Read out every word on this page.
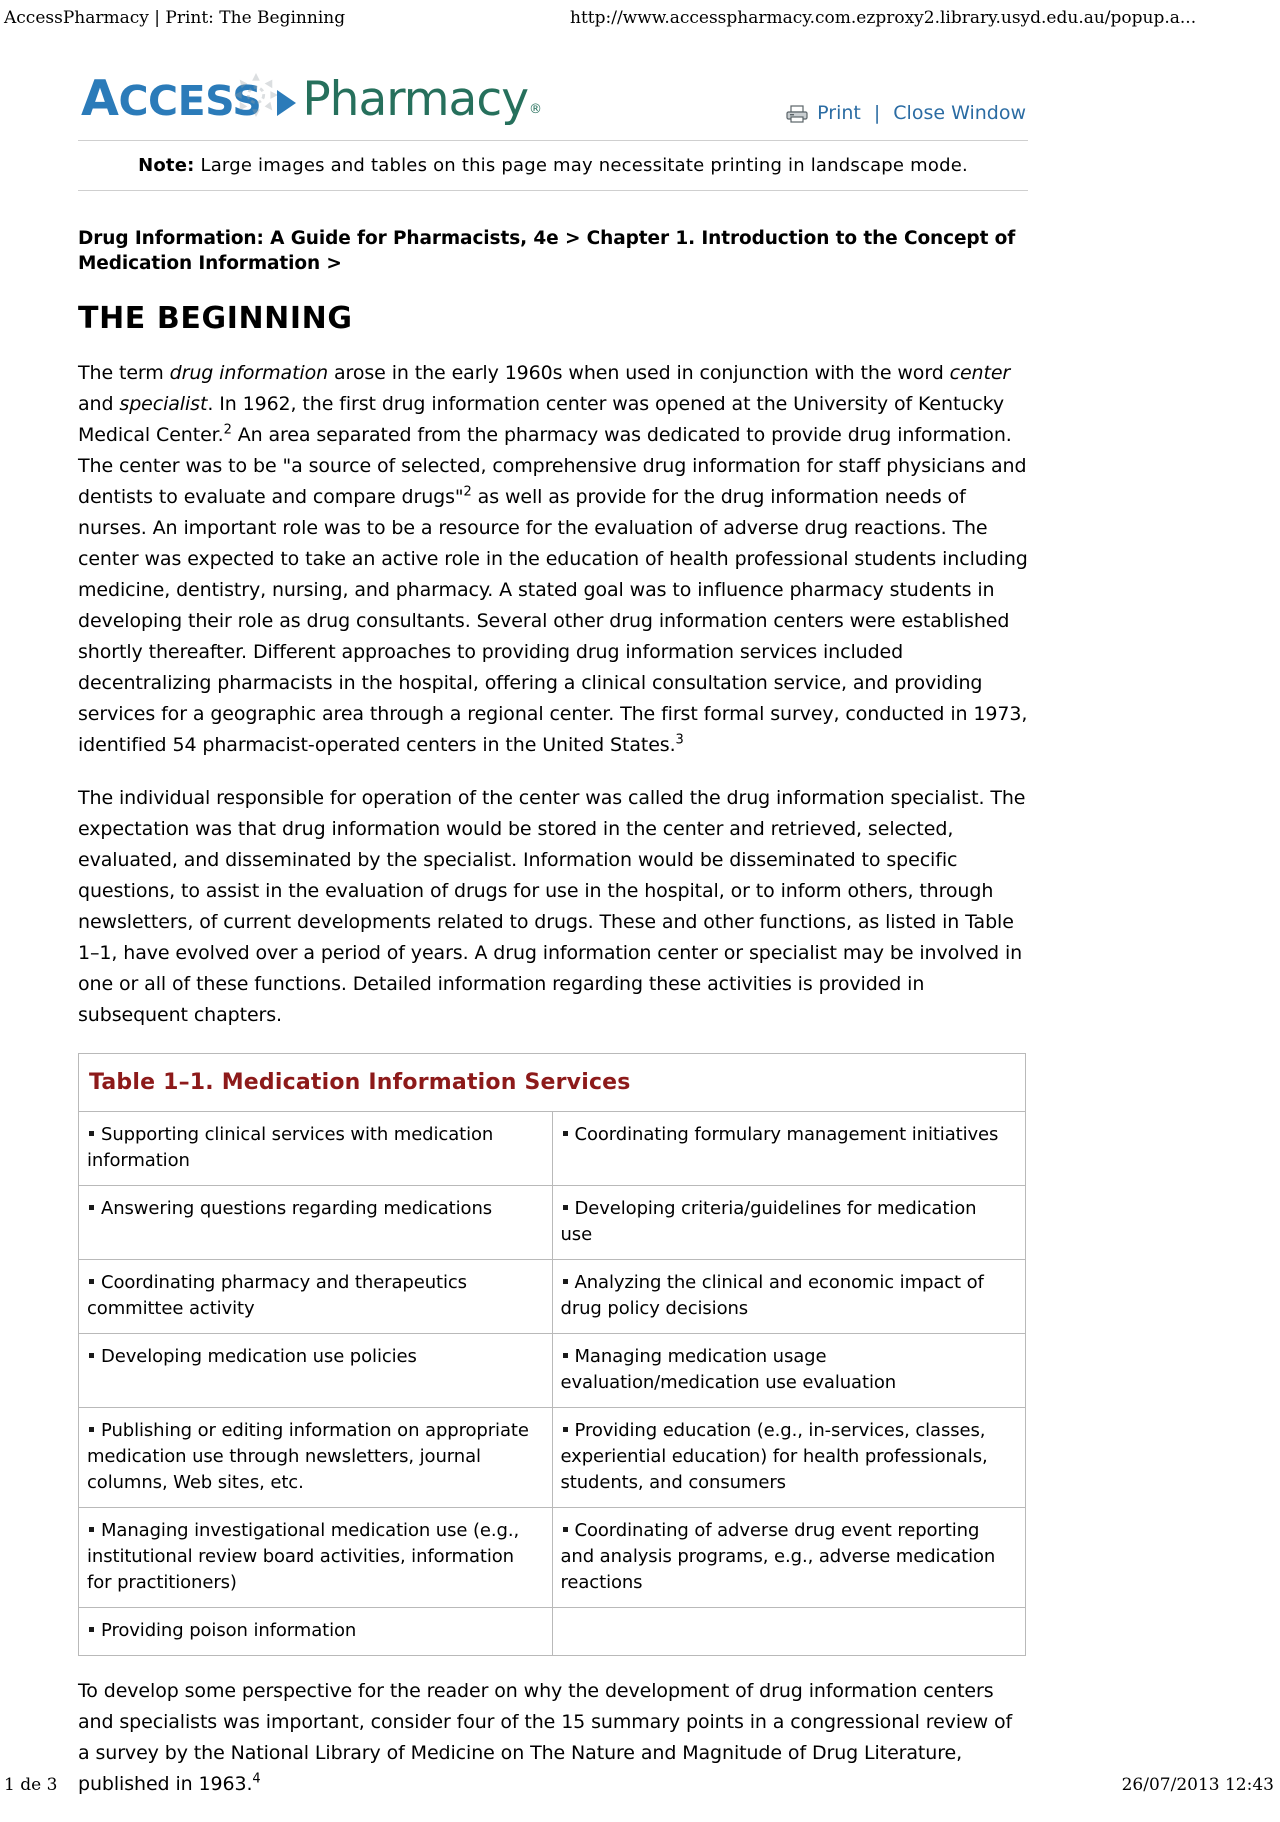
AccessPharmacy | Print: The Beginning	http://www.accesspharmacy.com.ezproxy2.library.usyd.edu.au/popup.a...
ACCESS Pharmacy ®	Print | Close Window
Note: Large images and tables on this page may necessitate printing in landscape mode.
Drug Information: A Guide for Pharmacists, 4e > Chapter 1. Introduction to the Concept of Medication Information >
THE BEGINNING

The term drug information arose in the early 1960s when used in conjunction with the word center and specialist. In 1962, the first drug information center was opened at the University of Kentucky Medical Center.$^2$ An area separated from the pharmacy was dedicated to provide drug information. The center was to be "a source of selected, comprehensive drug information for staff physicians and dentists to evaluate and compare drugs"$^2$ as well as provide for the drug information needs of nurses. An important role was to be a resource for the evaluation of adverse drug reactions. The center was expected to take an active role in the education of health professional students including medicine, dentistry, nursing, and pharmacy. A stated goal was to influence pharmacy students in developing their role as drug consultants. Several other drug information centers were established shortly thereafter. Different approaches to providing drug information services included decentralizing pharmacists in the hospital, offering a clinical consultation service, and providing services for a geographic area through a regional center. The first formal survey, conducted in 1973, identified 54 pharmacist-operated centers in the United States.$^3$

The individual responsible for operation of the center was called the drug information specialist. The expectation was that drug information would be stored in the center and retrieved, selected, evaluated, and disseminated by the specialist. Information would be disseminated to specific questions, to assist in the evaluation of drugs for use in the hospital, or to inform others, through newsletters, of current developments related to drugs. These and other functions, as listed in Table 1–1, have evolved over a period of years. A drug information center or specialist may be involved in one or all of these functions. Detailed information regarding these activities is provided in subsequent chapters.

Table 1–1. Medication Information Services
Supporting clinical services with medication information	Coordinating formulary management initiatives
Answering questions regarding medications	Developing criteria/guidelines for medication use
Coordinating pharmacy and therapeutics committee activity	Analyzing the clinical and economic impact of drug policy decisions
Developing medication use policies	Managing medication usage evaluation/medication use evaluation
Publishing or editing information on appropriate medication use through newsletters, journal columns, Web sites, etc.	Providing education (e.g., in-services, classes, experiential education) for health professionals, students, and consumers
Managing investigational medication use (e.g., institutional review board activities, information for practitioners)	Coordinating of adverse drug event reporting and analysis programs, e.g., adverse medication reactions
Providing poison information	

To develop some perspective for the reader on why the development of drug information centers and specialists was important, consider four of the 15 summary points in a congressional review of a survey by the National Library of Medicine on The Nature and Magnitude of Drug Literature, published in 1963.$^4$

1 de 3	26/07/2013 12:43
